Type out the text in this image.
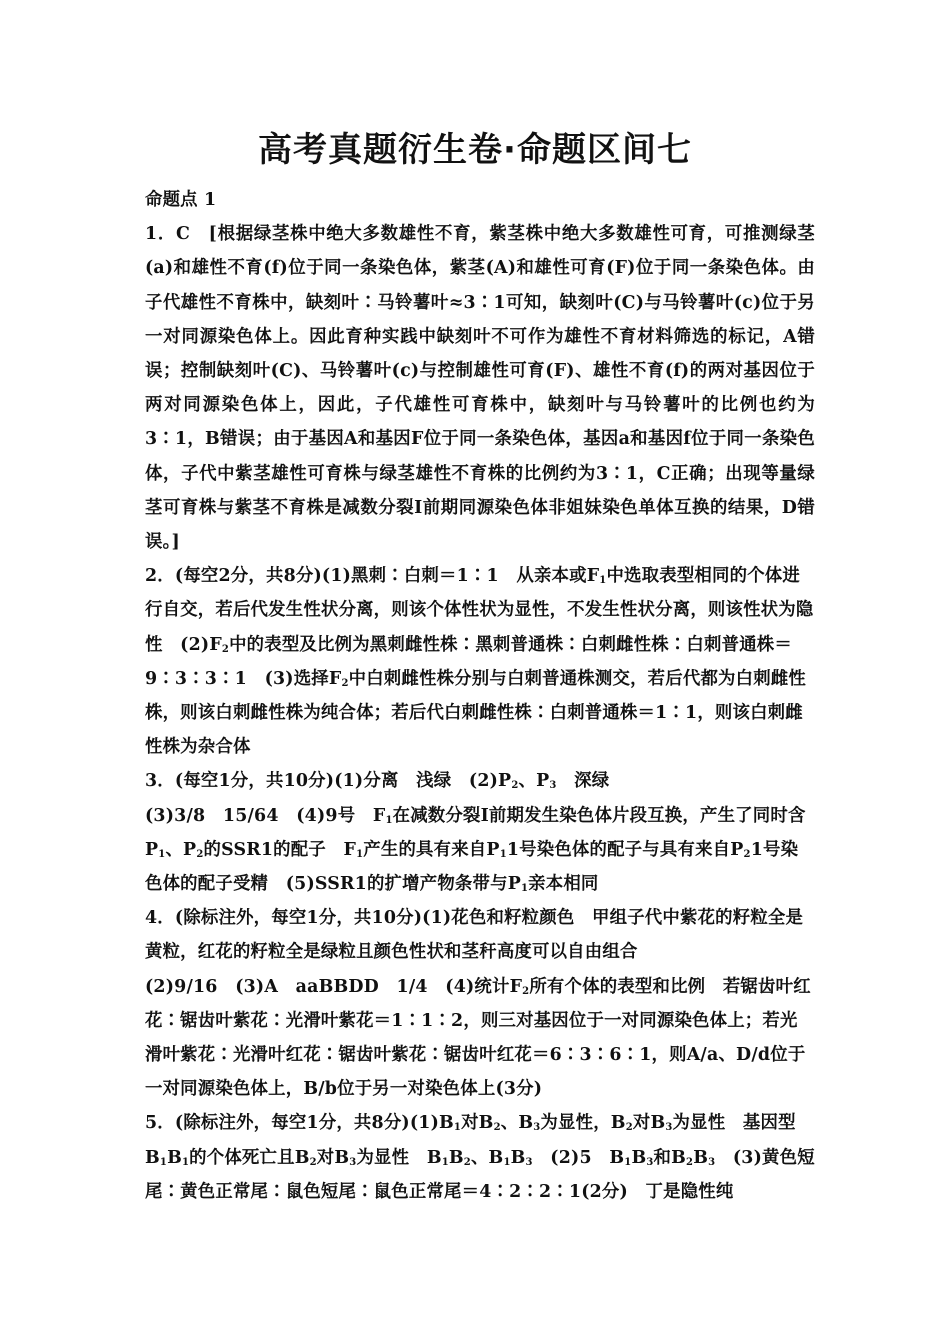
高考真题衍生卷·命题区间七

命题点 1

1．C　[根据绿茎株中绝大多数雄性不育，紫茎株中绝大多数雄性可育，可推测绿茎(a)和雄性不育(f)位于同一条染色体，紫茎(A)和雄性可育(F)位于同一条染色体。由子代雄性不育株中，缺刻叶∶马铃薯叶≈3∶1可知，缺刻叶(C)与马铃薯叶(c)位于另一对同源染色体上。因此育种实践中缺刻叶不可作为雄性不育材料筛选的标记，A错误；控制缺刻叶(C)、马铃薯叶(c)与控制雄性可育(F)、雄性不育(f)的两对基因位于两对同源染色体上，因此，子代雄性可育株中，缺刻叶与马铃薯叶的比例也约为3∶1，B错误；由于基因A和基因F位于同一条染色体，基因a和基因f位于同一条染色体，子代中紫茎雄性可育株与绿茎雄性不育株的比例约为3∶1，C正确；出现等量绿茎可育株与紫茎不育株是减数分裂Ⅰ前期同源染色体非姐妹染色单体互换的结果，D错误。]

2．(每空2分，共8分)(1)黑刺∶白刺＝1∶1　从亲本或$F_1$中选取表型相同的个体进行自交，若后代发生性状分离，则该个体性状为显性，不发生性状分离，则该性状为隐性　$(2)F_2$中的表型及比例为黑刺雌性株∶黑刺普通株∶白刺雌性株∶白刺普通株＝9∶3∶3∶1　(3)选择$F_2$中白刺雌性株分别与白刺普通株测交，若后代都为白刺雌性株，则该白刺雌性株为纯合体；若后代白刺雌性株∶白刺普通株＝1∶1，则该白刺雌性株为杂合体

3．(每空1分，共10分)(1)分离　浅绿　$(2)P_2$、$P_3$　深绿

(3)3/8　15/64　(4)9号　$F_1$在减数分裂Ⅰ前期发生染色体片段互换，产生了同时含$P_1$、$P_2$的SSR1的配子　$F_1$产生的具有来自$P_11$号染色体的配子与具有来自$P_21$号染色体的配子受精　(5)SSR1的扩增产物条带与$P_1$亲本相同

4．(除标注外，每空1分，共10分)(1)花色和籽粒颜色　甲组子代中紫花的籽粒全是黄粒，红花的籽粒全是绿粒且颜色性状和茎秆高度可以自由组合

(2)9/16　(3)A　aaBBDD　1/4　(4)统计$F_2$所有个体的表型和比例　若锯齿叶红花∶锯齿叶紫花∶光滑叶紫花＝1∶1∶2，则三对基因位于一对同源染色体上；若光滑叶紫花∶光滑叶红花∶锯齿叶紫花∶锯齿叶红花＝6∶3∶6∶1，则A/a、D/d位于一对同源染色体上，B/b位于另一对染色体上(3分)

5．(除标注外，每空1分，共8分)$(1)B_1$对$B_2$、$B_3$为显性，$B_2$对$B_3$为显性　基因型$B_1B_1$的个体死亡且$B_2$对$B_3$为显性　$B_1B_2$、$B_1B_3$　(2)5　$B_1B_3$和$B_2B_3$　(3)黄色短尾∶黄色正常尾∶鼠色短尾∶鼠色正常尾＝4∶2∶2∶1(2分)　丁是隐性纯
